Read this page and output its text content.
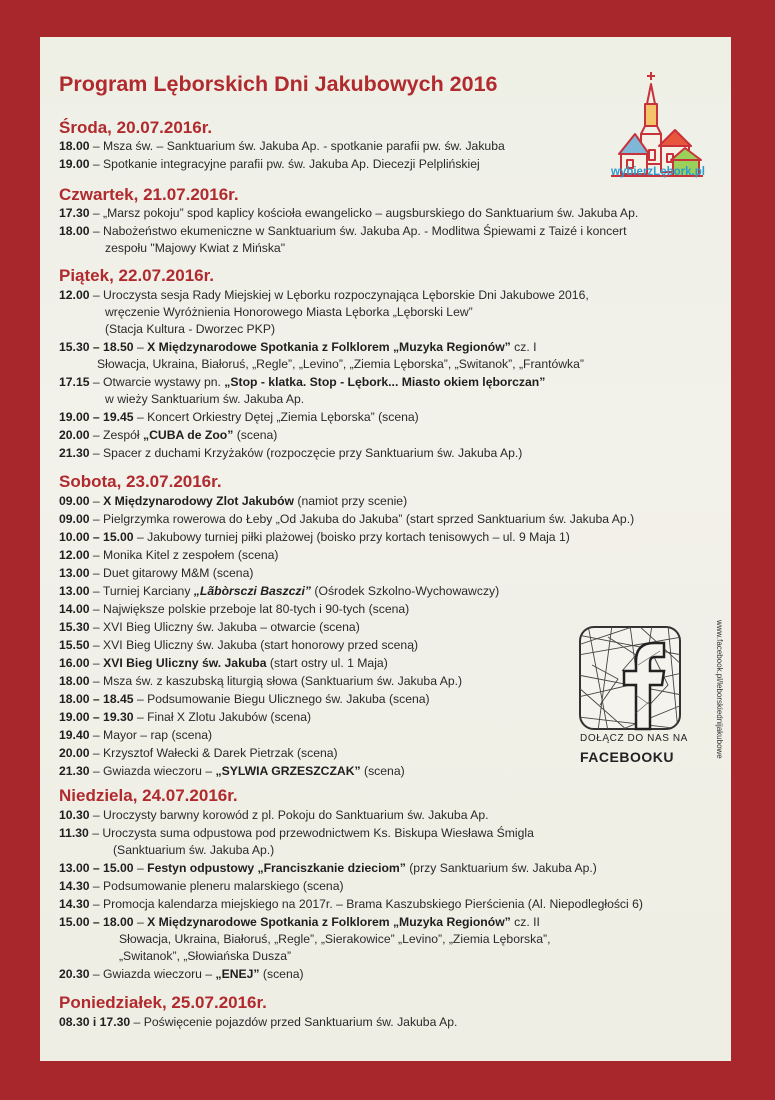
Program Lęborskich Dni Jakubowych 2016
wybierzLębork.pl
Środa, 20.07.2016r.
18.00 – Msza św. – Sanktuarium św. Jakuba Ap. - spotkanie parafii pw. św. Jakuba
19.00 – Spotkanie integracyjne parafii pw. św. Jakuba Ap. Diecezji Pelplińskiej
Czwartek, 21.07.2016r.
17.30 – „Marsz pokoju” spod kaplicy kościoła ewangelicko – augsburskiego do Sanktuarium św. Jakuba Ap.
18.00 – Nabożeństwo ekumeniczne w Sanktuarium św. Jakuba Ap. - Modlitwa Śpiewami z Taizé i koncert
zespołu "Majowy Kwiat z Mińska"
Piątek, 22.07.2016r.
12.00 – Uroczysta sesja Rady Miejskiej w Lęborku rozpoczynająca Lęborskie Dni Jakubowe 2016,
wręczenie Wyróżnienia Honorowego Miasta Lęborka „Lęborski Lew”
(Stacja Kultura - Dworzec PKP)
15.30 – 18.50 – X Międzynarodowe Spotkania z Folklorem „Muzyka Regionów” cz. I
Słowacja, Ukraina, Białoruś, „Regle”, „Levino”, „Ziemia Lęborska”, „Switanok”, „Frantówka”
17.15 – Otwarcie wystawy pn. „Stop - klatka. Stop - Lębork... Miasto okiem lęborczan”
w wieży Sanktuarium św. Jakuba Ap.
19.00 – 19.45 – Koncert Orkiestry Dętej „Ziemia Lęborska” (scena)
20.00 – Zespół „CUBA de Zoo” (scena)
21.30 – Spacer z duchami Krzyżaków (rozpoczęcie przy Sanktuarium św. Jakuba Ap.)
Sobota, 23.07.2016r.
09.00 – X Międzynarodowy Zlot Jakubów (namiot przy scenie)
09.00 – Pielgrzymka rowerowa do Łeby „Od Jakuba do Jakuba” (start sprzed Sanktuarium św. Jakuba Ap.)
10.00 – 15.00 – Jakubowy turniej piłki plażowej (boisko przy kortach tenisowych – ul. 9 Maja 1)
12.00 – Monika Kitel z zespołem (scena)
13.00 – Duet gitarowy M&M (scena)
13.00 – Turniej Karciany „Lãbòrsczi Baszczi” (Ośrodek Szkolno-Wychowawczy)
14.00 – Największe polskie przeboje lat 80-tych i 90-tych (scena)
15.30 – XVI Bieg Uliczny św. Jakuba – otwarcie (scena)
15.50 – XVI Bieg Uliczny św. Jakuba (start honorowy przed sceną)
16.00 – XVI Bieg Uliczny św. Jakuba (start ostry ul. 1 Maja)
18.00 – Msza św. z kaszubską liturgią słowa (Sanktuarium św. Jakuba Ap.)
18.00 – 18.45 – Podsumowanie Biegu Ulicznego św. Jakuba (scena)
19.00 – 19.30 – Finał X Zlotu Jakubów (scena)
19.40 – Mayor – rap (scena)
20.00 – Krzysztof Wałecki & Darek Pietrzak (scena)
21.30 – Gwiazda wieczoru – „SYLWIA GRZESZCZAK” (scena)
DOŁĄCZ DO NAS NA
FACEBOOKU	www.facebook.pl/leborskiednijakubowe
Niedziela, 24.07.2016r.
10.30 – Uroczysty barwny korowód z pl. Pokoju do Sanktuarium św. Jakuba Ap.
11.30 – Uroczysta suma odpustowa pod przewodnictwem Ks. Biskupa Wiesława Śmigla
(Sanktuarium św. Jakuba Ap.)
13.00 – 15.00 – Festyn odpustowy „Franciszkanie dzieciom” (przy Sanktuarium św. Jakuba Ap.)
14.30 – Podsumowanie pleneru malarskiego (scena)
14.30 – Promocja kalendarza miejskiego na 2017r. – Brama Kaszubskiego Pierścienia (Al. Niepodległości 6)
15.00 – 18.00 – X Międzynarodowe Spotkania z Folklorem „Muzyka Regionów” cz. II
Słowacja, Ukraina, Białoruś, „Regle”, „Sierakowice” „Levino”, „Ziemia Lęborska”,
„Switanok”, „Słowiańska Dusza”
20.30 – Gwiazda wieczoru – „ENEJ” (scena)
Poniedziałek, 25.07.2016r.
08.30 i 17.30 – Poświęcenie pojazdów przed Sanktuarium św. Jakuba Ap.
